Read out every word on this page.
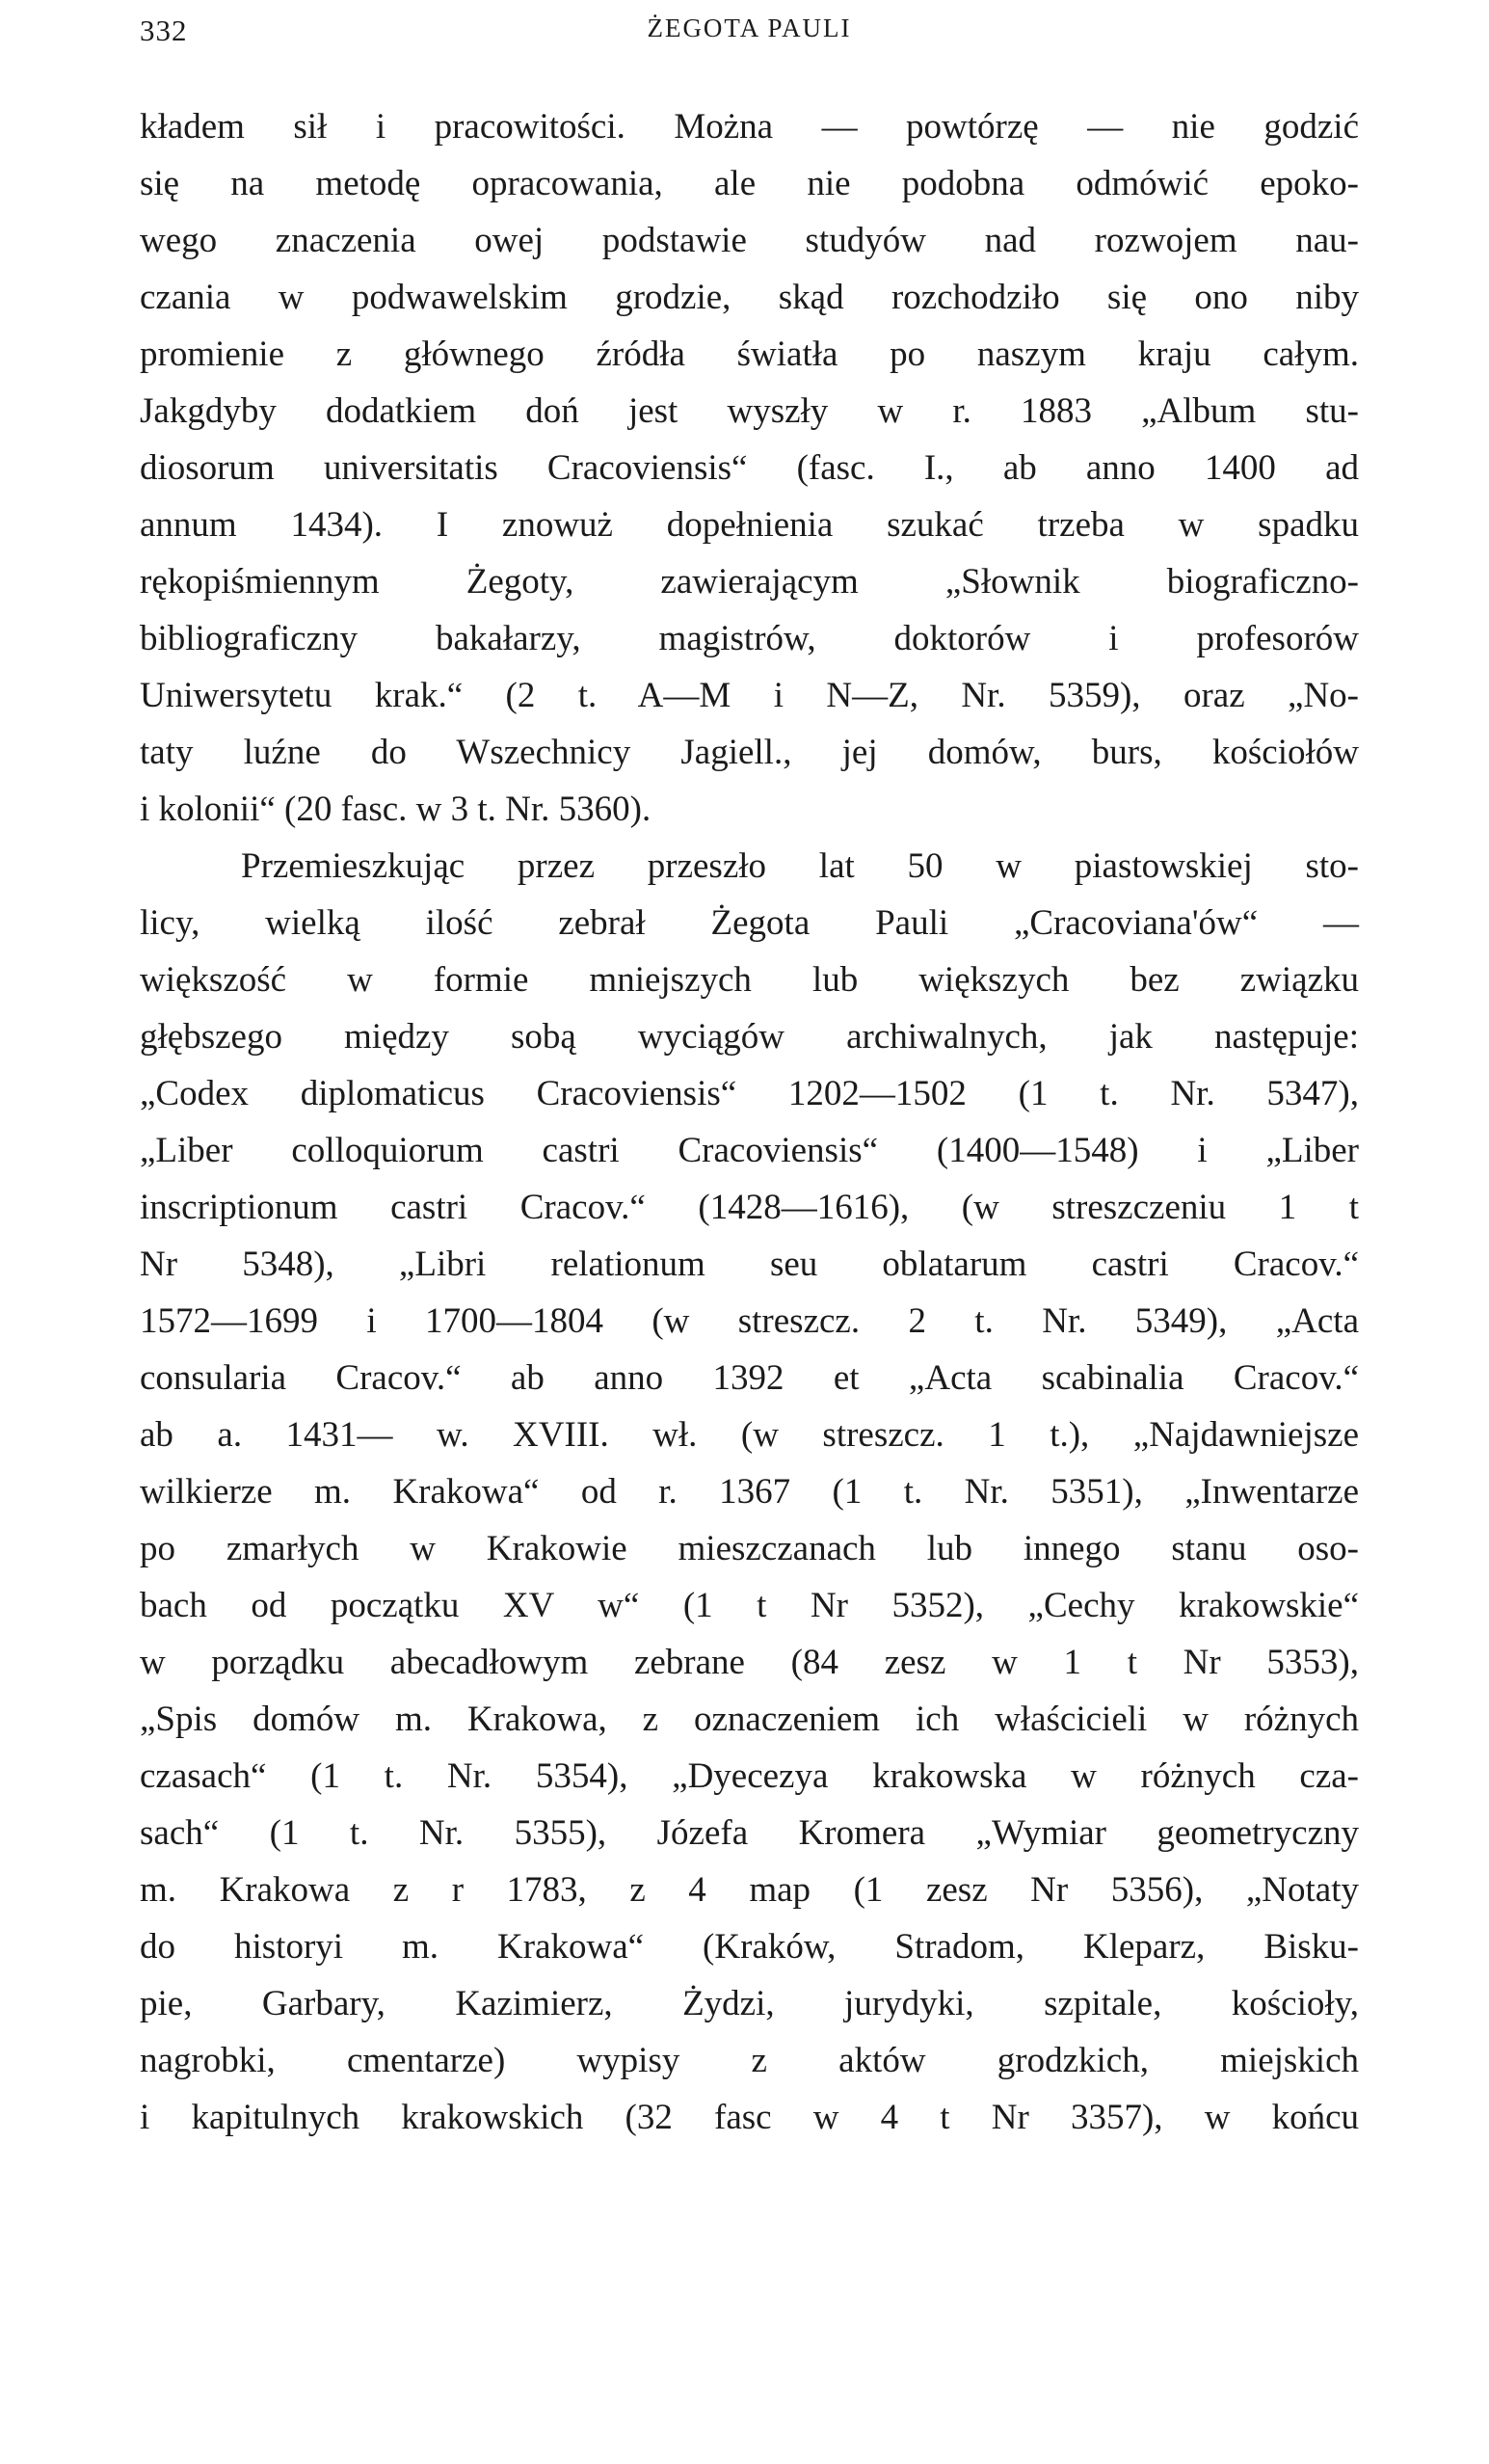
332	ŻEGOTA PAULI
kładem sił i pracowitości. Można — powtórzę — nie godzić
się na metodę opracowania, ale nie podobna odmówić epoko-
wego znaczenia owej podstawie studyów nad rozwojem nau-
czania w podwawelskim grodzie, skąd rozchodziło się ono niby
promienie z głównego źródła światła po naszym kraju całym.
Jakgdyby dodatkiem doń jest wyszły w r. 1883 „Album stu-
diosorum universitatis Cracoviensis“ (fasc. I., ab anno 1400 ad
annum 1434). I znowuż dopełnienia szukać trzeba w spadku
rękopiśmiennym Żegoty, zawierającym „Słownik biograficzno-
bibliograficzny bakałarzy, magistrów, doktorów i profesorów
Uniwersytetu krak.“ (2 t. A—M i N—Z, Nr. 5359), oraz „No-
taty luźne do Wszechnicy Jagiell., jej domów, burs, kościołów
i kolonii“ (20 fasc. w 3 t. Nr. 5360).
Przemieszkując przez przeszło lat 50 w piastowskiej sto-
licy, wielką ilość zebrał Żegota Pauli „Cracoviana'ów“ —
większość w formie mniejszych lub większych bez związku
głębszego między sobą wyciągów archiwalnych, jak następuje:
„Codex diplomaticus Cracoviensis“ 1202—1502 (1 t. Nr. 5347),
„Liber colloquiorum castri Cracoviensis“ (1400—1548) i „Liber
inscriptionum castri Cracov.“ (1428—1616), (w streszczeniu 1 t
Nr 5348), „Libri relationum seu oblatarum castri Cracov.“
1572—1699 i 1700—1804 (w streszcz. 2 t. Nr. 5349), „Acta
consularia Cracov.“ ab anno 1392 et „Acta scabinalia Cracov.“
ab a. 1431— w. XVIII. wł. (w streszcz. 1 t.), „Najdawniejsze
wilkierze m. Krakowa“ od r. 1367 (1 t. Nr. 5351), „Inwentarze
po zmarłych w Krakowie mieszczanach lub innego stanu oso-
bach od początku XV w“ (1 t Nr 5352), „Cechy krakowskie“
w porządku abecadłowym zebrane (84 zesz w 1 t Nr 5353),
„Spis domów m. Krakowa, z oznaczeniem ich właścicieli w różnych
czasach“ (1 t. Nr. 5354), „Dyecezya krakowska w różnych cza-
sach“ (1 t. Nr. 5355), Józefa Kromera „Wymiar geometryczny
m. Krakowa z r 1783, z 4 map (1 zesz Nr 5356), „Notaty
do historyi m. Krakowa“ (Kraków, Stradom, Kleparz, Bisku-
pie, Garbary, Kazimierz, Żydzi, jurydyki, szpitale, kościoły,
nagrobki, cmentarze) wypisy z aktów grodzkich, miejskich
i kapitulnych krakowskich (32 fasc w 4 t Nr 3357), w końcu
